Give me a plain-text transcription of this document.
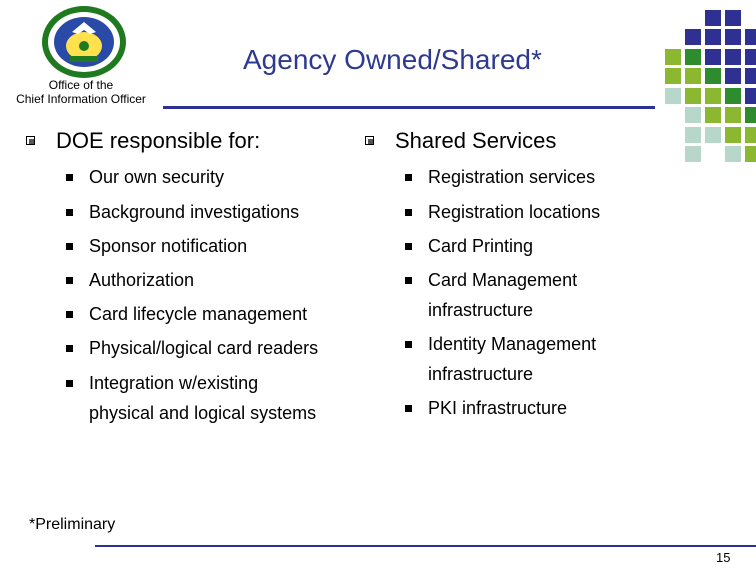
Office of the
Chief Information Officer
Agency Owned/Shared*
DOE responsible for:
Our own security
Background investigations
Sponsor notification
Authorization
Card lifecycle management
Physical/logical card readers
Integration w/existing
physical and logical systems
Shared Services
Registration services
Registration locations
Card Printing
Card Management
infrastructure
Identity Management
infrastructure
PKI infrastructure
*Preliminary
15
